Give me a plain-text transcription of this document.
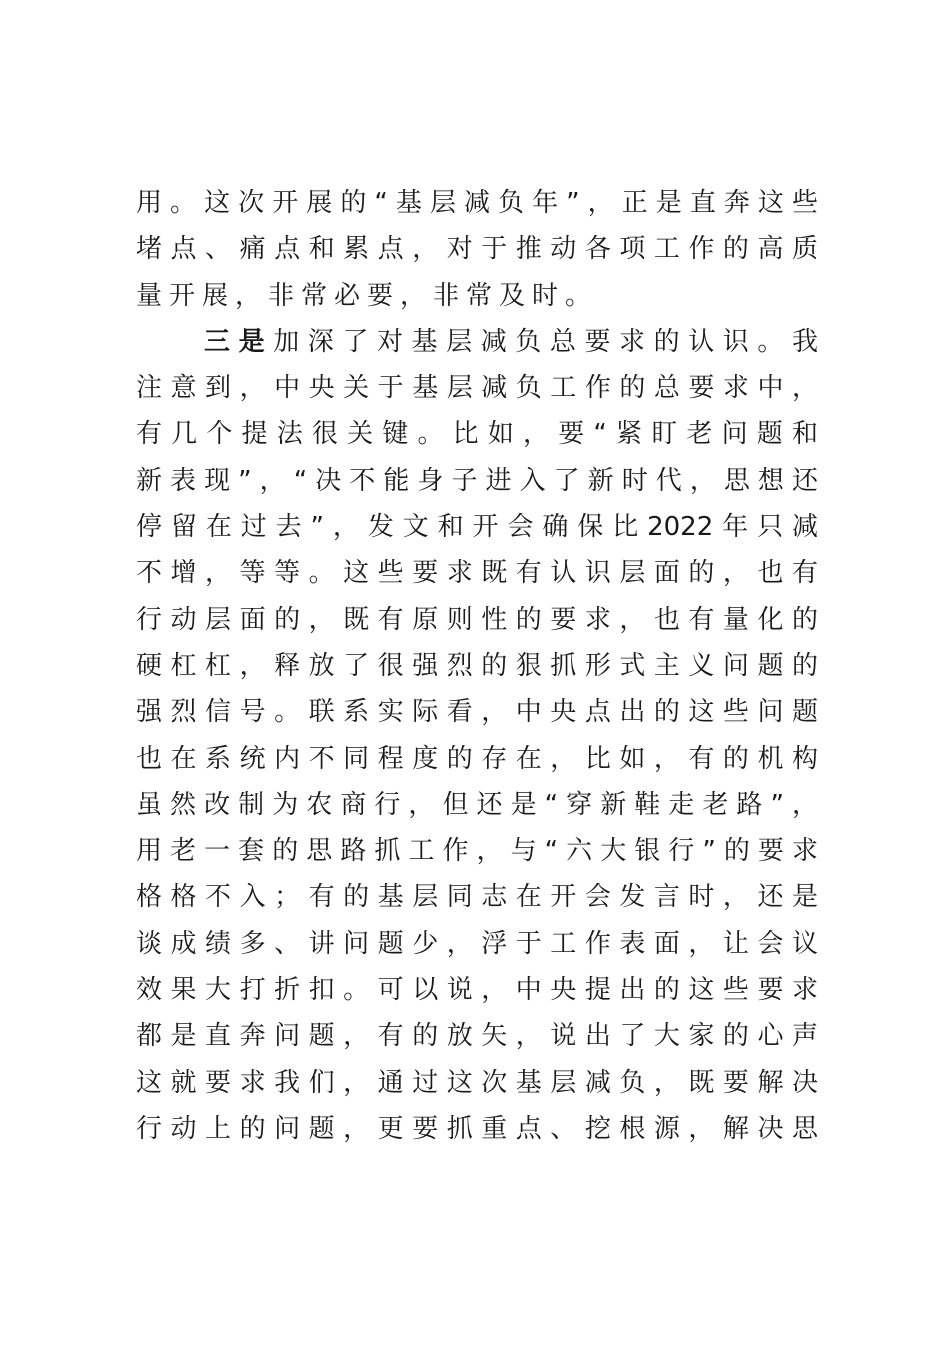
用。这次开展的“基层减负年”，正是直奔这些
堵点、痛点和累点，对于推动各项工作的高质
量开展，非常必要，非常及时。
三是加深了对基层减负总要求的认识。我
注意到，中央关于基层减负工作的总要求中，
有几个提法很关键。比如，要“紧盯老问题和
新表现”，“决不能身子进入了新时代，思想还
停留在过去”，发文和开会确保比2022年只减
不增，等等。这些要求既有认识层面的，也有
行动层面的，既有原则性的要求，也有量化的
硬杠杠，释放了很强烈的狠抓形式主义问题的
强烈信号。联系实际看，中央点出的这些问题
也在系统内不同程度的存在，比如，有的机构
虽然改制为农商行，但还是“穿新鞋走老路”，
用老一套的思路抓工作，与“六大银行”的要求
格格不入；有的基层同志在开会发言时，还是
谈成绩多、讲问题少，浮于工作表面，让会议
效果大打折扣。可以说，中央提出的这些要求
都是直奔问题，有的放矢，说出了大家的心声
这就要求我们，通过这次基层减负，既要解决
行动上的问题，更要抓重点、挖根源，解决思
